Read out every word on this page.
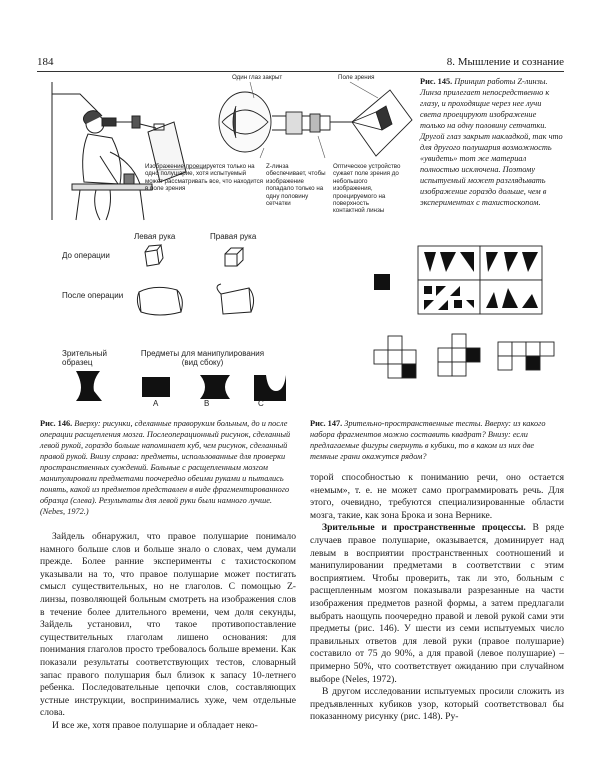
184	8. Мышление и сознание
Один глаз закрыт	Поле зрения
Изображение проецируется только на одно полушарие, хотя испытуемый может рассматривать все, что находится в поле зрения
Z-линза обеспечивает, чтобы изображение попадало только на одну половину сетчатки
Оптическое устройство сужает поле зрения до небольшого изображения, проецируемого на поверхность контактной линзы
Рис. 145. Принцип работы Z-линзы. Линза прилегает непосредственно к глазу, и проходящие через нее лучи света проецируют изображение только на одну половину сетчатки. Другой глаз закрыт накладкой, так что для другого полушария возможность «увидеть» тот же материал полностью исключена. Поэтому испытуемый может разглядывать изображение гораздо дольше, чем в экспериментах с тахистоскопом.
Левая рука	Правая рука
До операции
После операции
Зрительный образец
Предметы для манипулирования (вид сбоку)
А	В	С
Рис. 146. Вверху: рисунки, сделанные праворуким больным, до и после операции расщепления мозга. Послеоперационный рисунок, сделанный левой рукой, гораздо больше напоминает куб, чем рисунок, сделанный правой рукой. Внизу справа: предметы, использованные для проверки пространственных суждений. Больные с расщепленным мозгом манипулировали предметами поочередно обеими руками и пытались понять, какой из предметов представлен в виде фрагментированного образца (слева). Результаты для левой руки были намного лучше. (Nebes, 1972.)
Рис. 147. Зрительно-пространственные тесты. Вверху: из какого набора фрагментов можно составить квадрат? Внизу: если предлагаемые фигуры свернуть в кубики, то в каком из них две темные грани окажутся рядом?

Зайдель обнаружил, что правое полушарие понимало намного больше слов и больше знало о словах, чем думали прежде. Более ранние эксперименты с тахистоскопом указывали на то, что правое полушарие может постигать смысл существительных, но не глаголов. С помощью Z-линзы, позволяющей больным смотреть на изображения слов в течение более длительного времени, чем доля секунды, Зайдель установил, что такое противопоставление существительных глаголам лишено основания: для понимания глаголов просто требовалось больше времени. Как показали результаты соответствующих тестов, словарный запас правого полушария был близок к запасу 10-летнего ребенка. Последовательные цепочки слов, составляющих устные инструкции, воспринимались хуже, чем отдельные слова.

И все же, хотя правое полушарие и обладает неко-

торой способностью к пониманию речи, оно остается «немым», т. е. не может само программировать речь. Для этого, очевидно, требуются специализированные области мозга, такие, как зона Брока и зона Вернике.

Зрительные и пространственные процессы. В ряде случаев правое полушарие, оказывается, доминирует над левым в восприятии пространственных соотношений и манипулировании предметами в соответствии с этим восприятием. Чтобы проверить, так ли это, больным с расщепленным мозгом показывали разрезанные на части изображения предметов разной формы, а затем предлагали выбрать наощупь поочередно правой и левой рукой сами эти предметы (рис. 146). У шести из семи испытуемых число правильных ответов для левой руки (правое полушарие) составило от 75 до 90%, а для правой (левое полушарие) – примерно 50%, что соответствует ожиданию при случайном выборе (Neles, 1972).

В другом исследовании испытуемых просили сложить из предъявленных кубиков узор, который соответствовал бы показанному рисунку (рис. 148). Ру-
